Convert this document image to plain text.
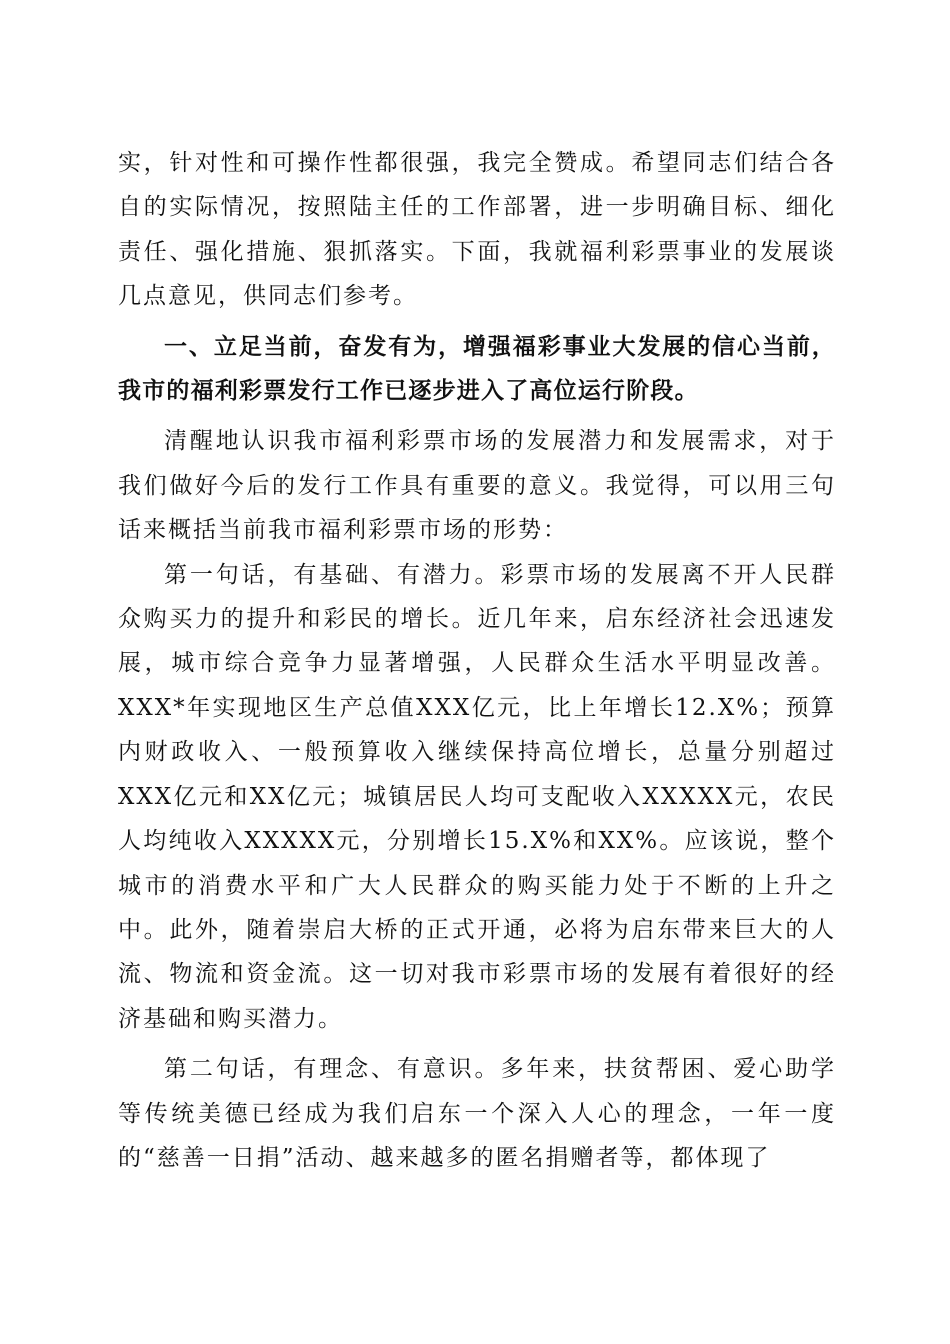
实，针对性和可操作性都很强，我完全赞成。希望同志们结合各自的实际情况，按照陆主任的工作部署，进一步明确目标、细化责任、强化措施、狠抓落实。下面，我就福利彩票事业的发展谈几点意见，供同志们参考。

一、立足当前，奋发有为，增强福彩事业大发展的信心当前，我市的福利彩票发行工作已逐步进入了高位运行阶段。

清醒地认识我市福利彩票市场的发展潜力和发展需求，对于我们做好今后的发行工作具有重要的意义。我觉得，可以用三句话来概括当前我市福利彩票市场的形势：

第一句话，有基础、有潜力。彩票市场的发展离不开人民群众购买力的提升和彩民的增长。近几年来，启东经济社会迅速发展，城市综合竞争力显著增强，人民群众生活水平明显改善。XXX*年实现地区生产总值XXX亿元，比上年增长12.X%；预算内财政收入、一般预算收入继续保持高位增长，总量分别超过XXX亿元和XX亿元；城镇居民人均可支配收入XXXXX元，农民人均纯收入XXXXX元，分别增长15.X%和XX%。应该说，整个城市的消费水平和广大人民群众的购买能力处于不断的上升之中。此外，随着崇启大桥的正式开通，必将为启东带来巨大的人流、物流和资金流。这一切对我市彩票市场的发展有着很好的经济基础和购买潜力。

第二句话，有理念、有意识。多年来，扶贫帮困、爱心助学等传统美德已经成为我们启东一个深入人心的理念，一年一度的“慈善一日捐”活动、越来越多的匿名捐赠者等，都体现了
